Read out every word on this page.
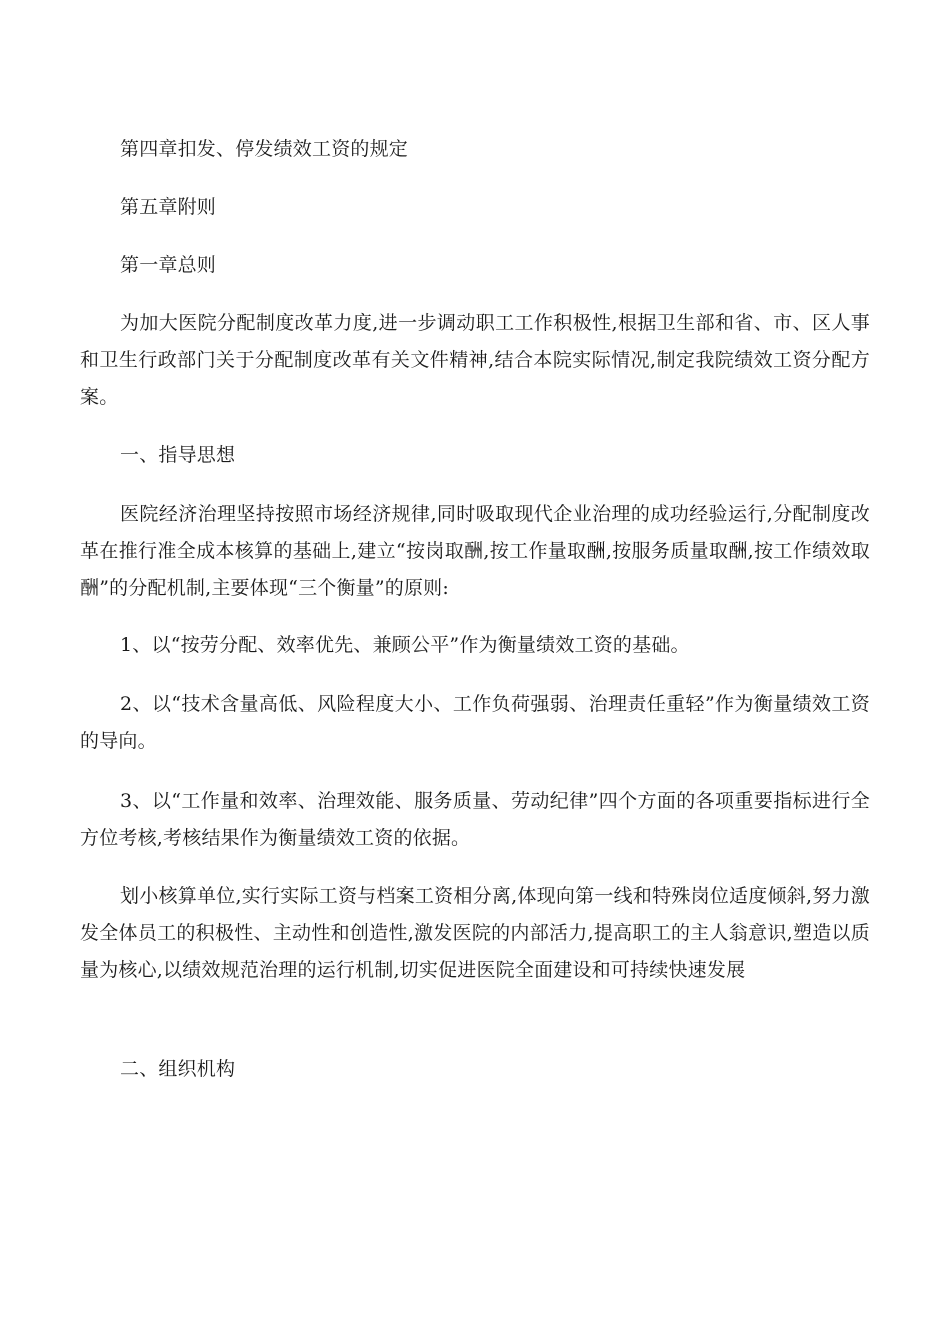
第四章扣发、停发绩效工资的规定

第五章附则

第一章总则

为加大医院分配制度改革力度,进一步调动职工工作积极性,根据卫生部和省、市、区人事和卫生行政部门关于分配制度改革有关文件精神,结合本院实际情况,制定我院绩效工资分配方案。

一、指导思想

医院经济治理坚持按照市场经济规律,同时吸取现代企业治理的成功经验运行,分配制度改革在推行准全成本核算的基础上,建立“按岗取酬,按工作量取酬,按服务质量取酬,按工作绩效取酬”的分配机制,主要体现“三个衡量”的原则:

1、以“按劳分配、效率优先、兼顾公平”作为衡量绩效工资的基础。

2、以“技术含量高低、风险程度大小、工作负荷强弱、治理责任重轻”作为衡量绩效工资的导向。

3、以“工作量和效率、治理效能、服务质量、劳动纪律”四个方面的各项重要指标进行全方位考核,考核结果作为衡量绩效工资的依据。

划小核算单位,实行实际工资与档案工资相分离,体现向第一线和特殊岗位适度倾斜,努力激发全体员工的积极性、主动性和创造性,激发医院的内部活力,提高职工的主人翁意识,塑造以质量为核心,以绩效规范治理的运行机制,切实促进医院全面建设和可持续快速发展

二、组织机构
